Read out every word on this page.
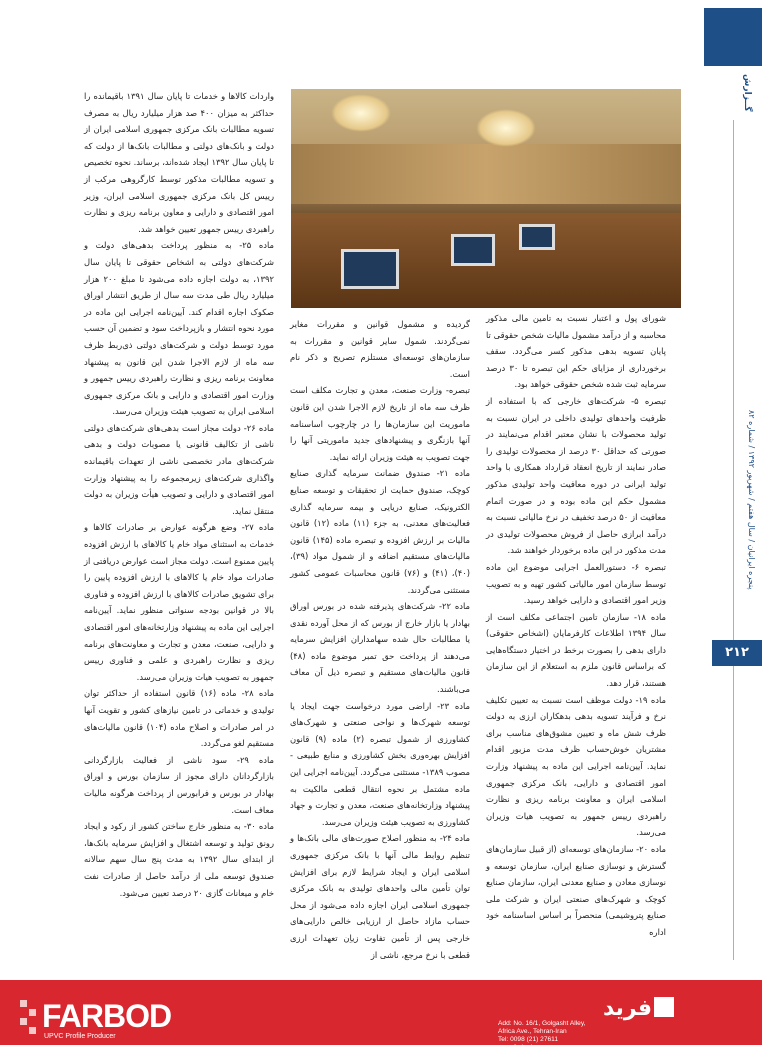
گــزارش
پنجره ایرانیان / سال هفتم / شهریور ۱۳۹۲ / شماره ۸۲
۲۱۲

شورای پول و اعتبار نسبت به تامین مالی مذکور محاسبه و از درآمد مشمول مالیات شخص حقوقی تا پایان تسویه بدهی مذکور کسر می‌گردد. سقف برخورداری از مزایای حکم این تبصره تا ۳۰ درصد سرمایه ثبت شده شخص حقوقی خواهد بود.

تبصره ۵- شرکت‌های خارجی که با استفاده از ظرفیت واحدهای تولیدی داخلی در ایران نسبت به تولید محصولات با نشان معتبر اقدام می‌نمایند در صورتی که حداقل ۳۰ درصد از محصولات تولیدی را صادر نمایند از تاریخ انعقاد قرارداد همکاری با واحد تولید ایرانی در دوره معافیت واحد تولیدی مذکور مشمول حکم این ماده بوده و در صورت اتمام معافیت از ۵۰ درصد تخفیف در نرخ مالیاتی نسبت به درآمد ابرازی حاصل از فروش محصولات تولیدی در مدت مذکور در این ماده برخوردار خواهند شد.

تبصره ۶- دستورالعمل اجرایی موضوع این ماده توسط سازمان امور مالیاتی کشور تهیه و به تصویب وزیر امور اقتصادی و دارایی خواهد رسید.

ماده ۱۸- سازمان تامین اجتماعی مکلف است از سال ۱۳۹۴ اطلاعات کارفرمایان (اشخاص حقوقی) دارای بدهی را بصورت برخط در اختیار دستگاه‌هایی که براساس قانون ملزم به استعلام از این سازمان هستند، قرار دهد.

ماده ۱۹- دولت موظف است نسبت به تعیین تکلیف نرخ و فرآیند تسویه بدهی بدهکاران ارزی به دولت ظرف شش ماه و تعیین مشوق‌های مناسب برای مشتریان خوش‌حساب ظرف مدت مزبور اقدام نماید. آیین‌نامه اجرایی این ماده به پیشنهاد وزارت امور اقتصادی و دارایی، بانک مرکزی جمهوری اسلامی ایران و معاونت برنامه ریزی و نظارت راهبردی رییس جمهور به تصویب هیات وزیران می‌رسد.

ماده ۲۰- سازمان‌های توسعه‌ای (از قبیل سازمان‌های گسترش و نوسازی صنایع ایران، سازمان توسعه و نوسازی معادن و صنایع معدنی ایران، سازمان صنایع کوچک و شهرک‌های صنعتی ایران و شرکت ملی صنایع پتروشیمی) منحصراً بر اساس اساسنامه خود اداره

گردیده و مشمول قوانین و مقررات مغایر نمی‌گردند. شمول سایر قوانین و مقررات به سازمان‌های توسعه‌ای مستلزم تصریح و ذکر نام است.

تبصره- وزارت صنعت، معدن و تجارت مکلف است ظرف سه ماه از تاریخ لازم الاجرا شدن این قانون ماموریت این سازمان‌ها را در چارچوب اساسنامه آنها بازنگری و پیشنهادهای جدید ماموریتی آنها را جهت تصویب به هیئت وزیران ارائه نماید.

ماده ۲۱- صندوق ضمانت سرمایه گذاری صنایع کوچک، صندوق حمایت از تحقیقات و توسعه صنایع الکترونیک، صنایع دریایی و بیمه سرمایه گذاری فعالیت‌های معدنی، به جزء (۱۱) ماده (۱۲) قانون مالیات بر ارزش افزوده و تبصره ماده (۱۴۵) قانون مالیات‌های مستقیم اضافه و از شمول مواد (۳۹)، (۴۰)، (۴۱) و (۷۶) قانون محاسبات عمومی کشور مستثنی می‌گردند.

ماده ۲۲- شرکت‌های پذیرفته شده در بورس اوراق بهادار یا بازار خارج از بورس که از محل آورده نقدی یا مطالبات حال شده سهامداران افزایش سرمایه می‌دهند از پرداخت حق تمبر موضوع ماده (۴۸) قانون مالیات‌های مستقیم و تبصره ذیل آن معاف می‌باشند.

ماده ۲۳- اراضی مورد درخواست جهت ایجاد یا توسعه شهرک‌ها و نواحی صنعتی و شهرک‌های کشاورزی از شمول تبصره (۲) ماده (۹) قانون افزایش بهره‌وری بخش کشاورزی و منابع طبیعی - مصوب ۱۳۸۹- مستثنی می‌گردد. آیین‌نامه اجرایی این ماده مشتمل بر نحوه انتقال قطعی مالکیت به پیشنهاد وزارتخانه‌های صنعت، معدن و تجارت و جهاد کشاورزی به تصویب هیئت وزیران می‌رسد.

ماده ۲۴- به منظور اصلاح صورت‌های مالی بانک‌ها و تنظیم روابط مالی آنها با بانک مرکزی جمهوری اسلامی ایران و ایجاد شرایط لازم برای افزایش توان تأمین مالی واحدهای تولیدی به بانک مرکزی جمهوری اسلامی ایران اجازه داده می‌شود از محل حساب مازاد حاصل از ارزیابی خالص دارایی‌های خارجی پس از تأمین تفاوت زیاِن تعهدات ارزی قطعی با نرخ مرجع، ناشی از

واردات کالاها و خدمات تا پایان سال ۱۳۹۱ باقیمانده را حداکثر به میزان ۴۰۰ صد هزار میلیارد ریال به مصرف تسویه مطالبات بانک مرکزی جمهوری اسلامی ایران از دولت و بانک‌های دولتی و مطالبات بانک‌ها از دولت که تا پایان سال ۱۳۹۲ ایجاد شده‌اند، برساند. نحوه تخصیص و تسویه مطالبات مذکور توسط کارگروهی مرکب از رییس کل بانک مرکزی جمهوری اسلامی ایران، وزیر امور اقتصادی و دارایی و معاون برنامه ریزی و نظارت راهبردی رییس جمهور تعیین خواهد شد.

ماده ۲۵- به منظور پرداخت بدهی‌های دولت و شرکت‌های دولتی به اشخاص حقوقی تا پایان سال ۱۳۹۲، به دولت اجازه داده می‌شود تا مبلغ ۲۰۰ هزار میلیارد ریال طی مدت سه سال از طریق انتشار اوراق صکوک اجاره اقدام کند. آیین‌نامه اجرایی این ماده در مورد نحوه انتشار و بازپرداخت سود و تضمین آن حسب مورد توسط دولت و شرکت‌های دولتی ذی‌ربط ظرف سه ماه از لازم الاجرا شدن این قانون به پیشنهاد معاونت برنامه ریزی و نظارت راهبردی رییس جمهور و وزارت امور اقتصادی و دارایی و بانک مرکزی جمهوری اسلامی ایران به تصویب هیئت وزیران می‌رسد.

ماده ۲۶- دولت مجاز است بدهی‌های شرکت‌های دولتی ناشی از تکالیف قانونی یا مصوبات دولت و بدهی شرکت‌های مادر تخصصی ناشی از تعهدات باقیمانده واگذاری شرکت‌های زیرمجموعه را به پیشنهاد وزارت امور اقتصادی و دارایی و تصویب هیأت وزیران به دولت منتقل نماید.

ماده ۲۷- وضع هرگونه عوارض بر صادرات کالاها و خدمات به استثنای مواد خام یا کالاهای با ارزش افزوده پایین ممنوع است. دولت مجاز است عوارض دریافتی از صادرات مواد خام یا کالاهای با ارزش افزوده پایین را برای تشویق صادرات کالاهای با ارزش افزوده و فناوری بالا در قوانین بودجه سنواتی منظور نماید. آیین‌نامه اجرایی این ماده به پیشنهاد وزارتخانه‌های امور اقتصادی و دارایی، صنعت، معدن و تجارت و معاونت‌های برنامه ریزی و نظارت راهبردی و علمی و فناوری رییس جمهور به تصویب هیات وزیران می‌رسد.

ماده ۲۸- ماده (۱۶) قانون استفاده از حداکثر توان تولیدی و خدماتی در تامین نیازهای کشور و تقویت آنها در امر صادرات و اصلاح ماده (۱۰۴) قانون مالیات‌های مستقیم لغو می‌گردد.

ماده ۲۹- سود ناشی از فعالیت بازارگردانی بازارگردانان دارای مجوز از سازمان بورس و اوراق بهادار در بورس و فرابورس از پرداخت هرگونه مالیات معاف است.

ماده ۳۰- به منظور خارج ساختن کشور از رکود و ایجاد رونق تولید و توسعه اشتغال و افزایش سرمایه بانک‌ها، از ابتدای سال ۱۳۹۲ به مدت پنج سال سهم سالانه صندوق توسعه ملی از درآمد حاصل از صادرات نفت خام و میعانات گازی ۲۰ درصد تعیین می‌شود.

FARBOD
UPVC Profile Producer
فرید
Add: No. 16/1, Golgasht Alley,
Africa Ave., Tehran-Iran
Tel: 0098 (21) 27611
www.farbod.com
